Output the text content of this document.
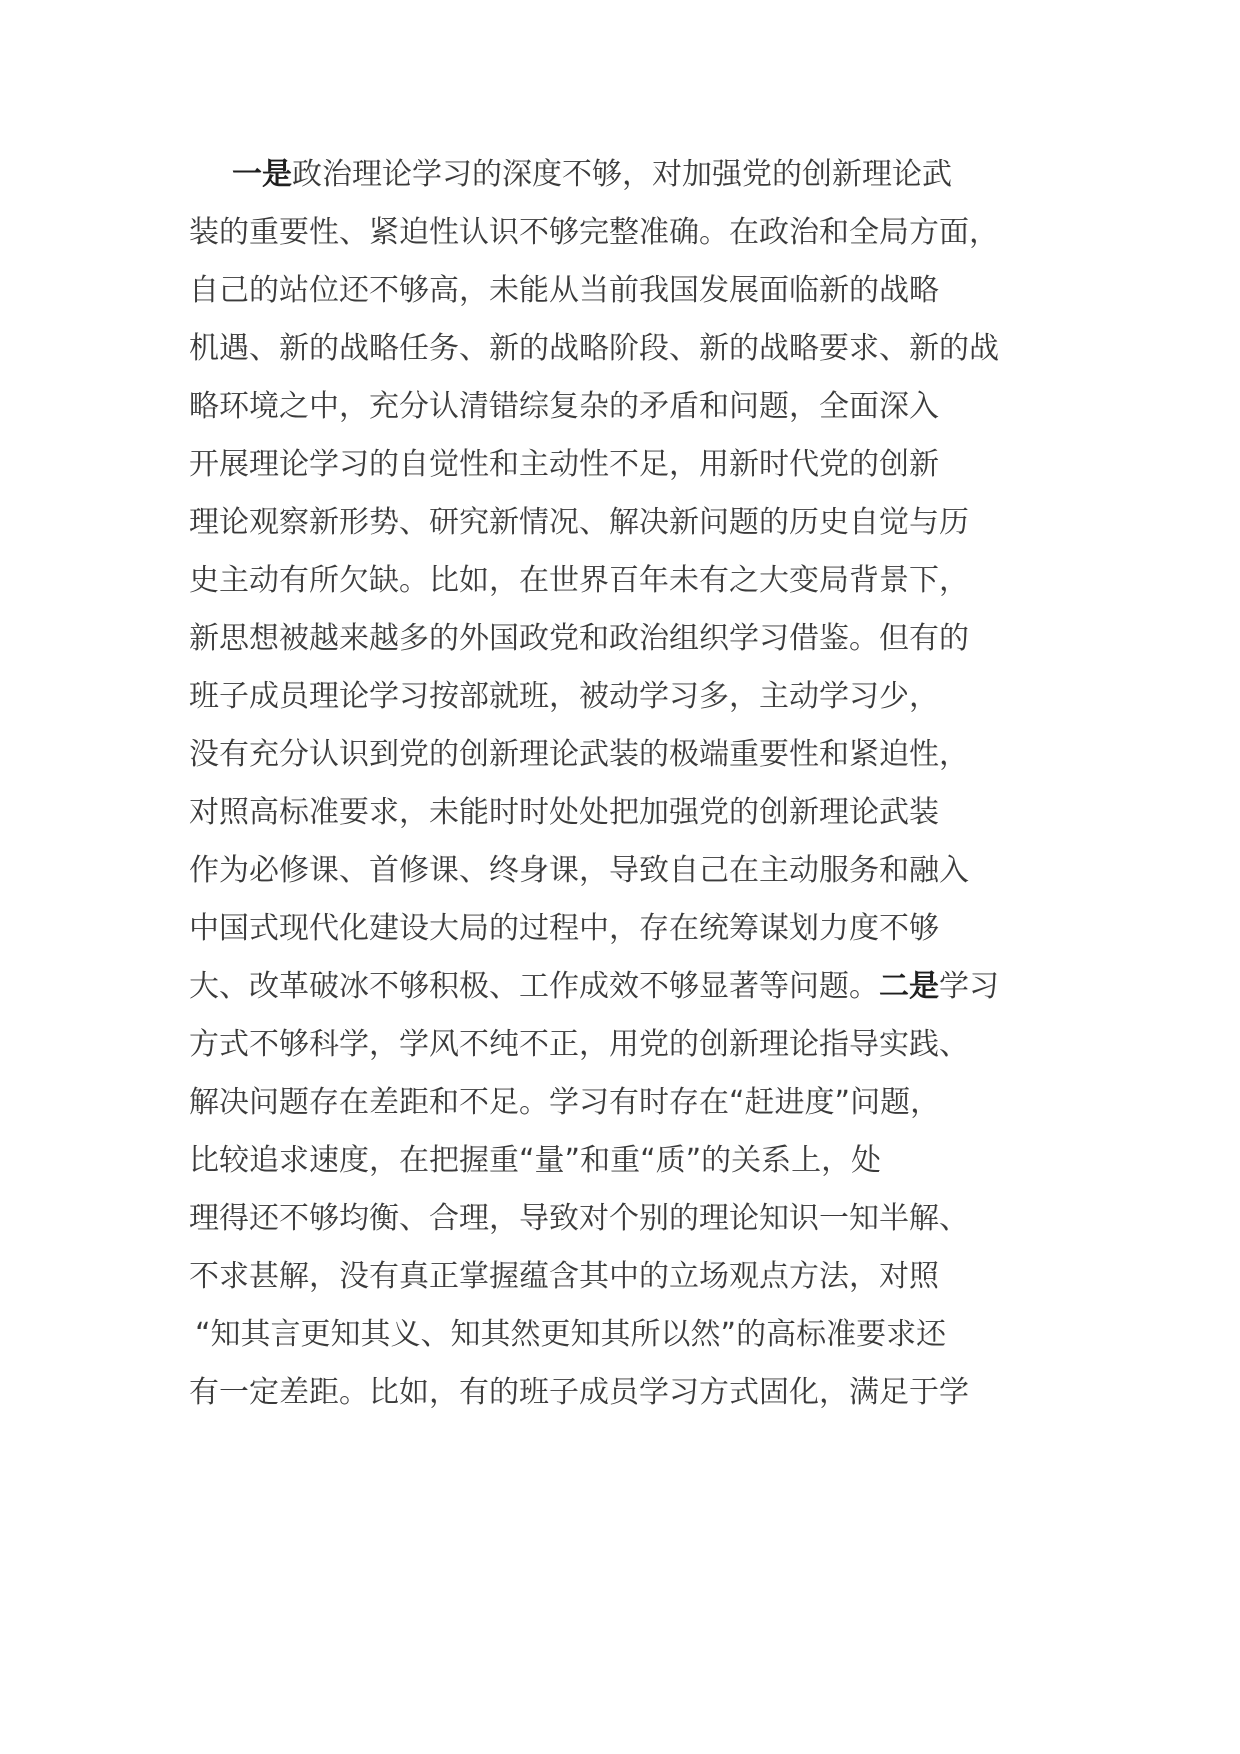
一是政治理论学习的深度不够，对加强党的创新理论武
装的重要性、紧迫性认识不够完整准确。在政治和全局方面，
自己的站位还不够高，未能从当前我国发展面临新的战略
机遇、新的战略任务、新的战略阶段、新的战略要求、新的战
略环境之中，充分认清错综复杂的矛盾和问题，全面深入
开展理论学习的自觉性和主动性不足，用新时代党的创新
理论观察新形势、研究新情况、解决新问题的历史自觉与历
史主动有所欠缺。比如，在世界百年未有之大变局背景下，
新思想被越来越多的外国政党和政治组织学习借鉴。但有的
班子成员理论学习按部就班，被动学习多，主动学习少，
没有充分认识到党的创新理论武装的极端重要性和紧迫性，
对照高标准要求，未能时时处处把加强党的创新理论武装
作为必修课、首修课、终身课，导致自己在主动服务和融入
中国式现代化建设大局的过程中，存在统筹谋划力度不够
大、改革破冰不够积极、工作成效不够显著等问题。二是学习
方式不够科学，学风不纯不正，用党的创新理论指导实践、
解决问题存在差距和不足。学习有时存在“赶进度”问题，
比较追求速度，在把握重“量”和重“质”的关系上，处
理得还不够均衡、合理，导致对个别的理论知识一知半解、
不求甚解，没有真正掌握蕴含其中的立场观点方法，对照
“知其言更知其义、知其然更知其所以然”的高标准要求还
有一定差距。比如，有的班子成员学习方式固化，满足于学
